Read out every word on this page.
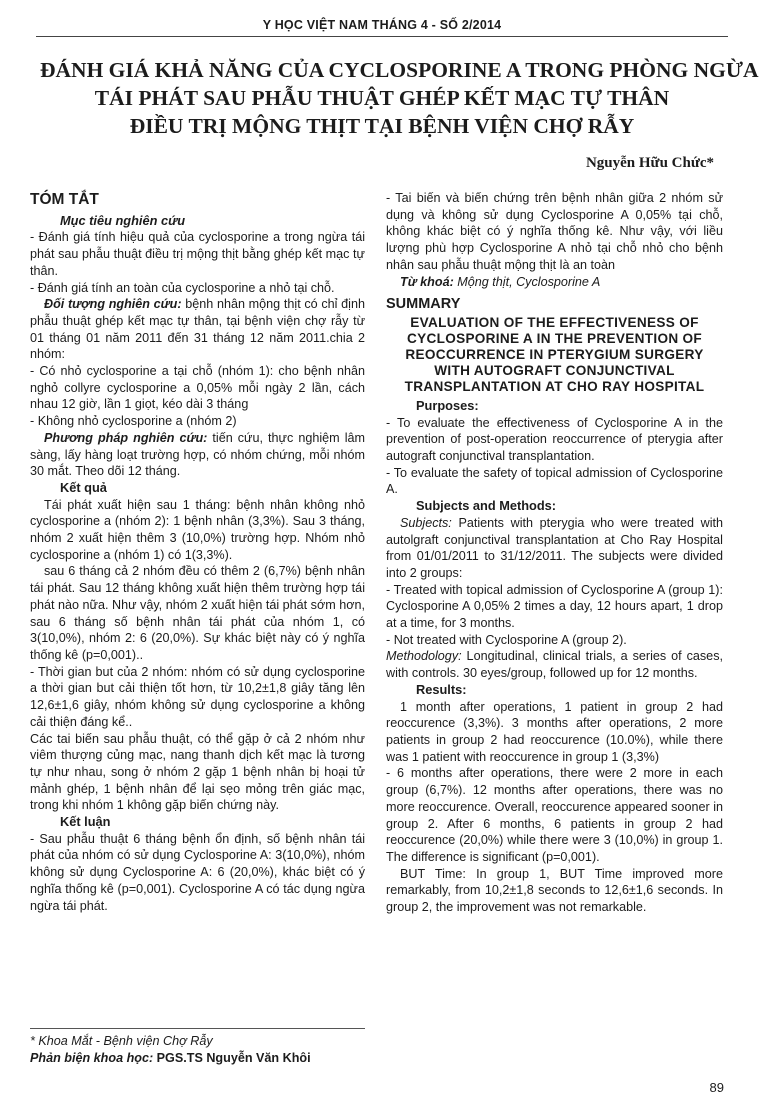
Y HỌC VIỆT NAM THÁNG 4 - SỐ 2/2014
ĐÁNH GIÁ KHẢ NĂNG CỦA CYCLOSPORINE A TRONG PHÒNG NGỪA
TÁI PHÁT SAU PHẪU THUẬT GHÉP KẾT MẠC TỰ THÂN
ĐIỀU TRỊ MỘNG THỊT TẠI BỆNH VIỆN CHỢ RẪY
Nguyễn Hữu Chức*
TÓM TẮT
Mục tiêu nghiên cứu

- Đánh giá tính hiệu quả của cyclosporine a trong ngừa tái phát sau phẫu thuật điều trị mộng thịt bằng ghép kết mạc tự thân.

- Đánh giá tính an toàn của cyclosporine a nhỏ tại chỗ.

Đối tượng nghiên cứu: bệnh nhân mộng thịt có chỉ định phẫu thuật ghép kết mạc tự thân, tại bệnh viện chợ rẫy từ 01 tháng 01 năm 2011 đến 31 tháng 12 năm 2011.chia 2 nhóm:

- Có nhỏ cyclosporine a tại chỗ (nhóm 1): cho bệnh nhân nghỏ collyre cyclosporine a 0,05% mỗi ngày 2 lần, cách nhau 12 giờ, lần 1 giọt, kéo dài 3 tháng

- Không nhỏ cyclosporine a (nhóm 2)

Phương pháp nghiên cứu: tiến cứu, thực nghiệm lâm sàng, lấy hàng loạt trường hợp, có nhóm chứng, mỗi nhóm 30 mắt. Theo dõi 12 tháng.

Kết quả

Tái phát xuất hiện sau 1 tháng: bệnh nhân không nhỏ cyclosporine a (nhóm 2): 1 bệnh nhân (3,3%). Sau 3 tháng, nhóm 2 xuất hiện thêm 3 (10,0%) trường hợp. Nhóm nhỏ cyclosporine a (nhóm 1) có 1(3,3%).

sau 6 tháng cả 2 nhóm đều có thêm 2 (6,7%) bệnh nhân tái phát. Sau 12 tháng không xuất hiện thêm trường hợp tái phát nào nữa. Như vậy, nhóm 2 xuất hiện tái phát sớm hơn, sau 6 tháng số bệnh nhân tái phát của nhóm 1, có 3(10,0%), nhóm 2: 6 (20,0%). Sự khác biệt này có ý nghĩa thống kê (p=0,001)..

- Thời gian but của 2 nhóm: nhóm có sử dụng cyclosporine a thời gian but cải thiện tốt hơn, từ 10,2±1,8 giây tăng lên 12,6±1,6 giây, nhóm không sử dụng cyclosporine a không cải thiện đáng kể..

Các tai biến sau phẫu thuật, có thể gặp ở cả 2 nhóm như viêm thượng củng mạc, nang thanh dịch kết mạc là tương tự như nhau, song ở nhóm 2 gặp 1 bệnh nhân bị hoại tử mảnh ghép, 1 bệnh nhân để lại sẹo mỏng trên giác mạc, trong khi nhóm 1 không gặp biến chứng này.

Kết luận

- Sau phẫu thuật 6 tháng bệnh ổn định, số bệnh nhân tái phát của nhóm có sử dụng Cyclosporine A: 3(10,0%), nhóm không sử dụng Cyclosporine A: 6 (20,0%), khác biệt có ý nghĩa thống kê (p=0,001). Cyclosporine A có tác dụng ngừa ngừa tái phát.

- Tai biến và biến chứng trên bệnh nhân giữa 2 nhóm sử dụng và không sử dụng Cyclosporine A 0,05% tại chỗ, không khác biệt có ý nghĩa thống kê. Như vậy, với liều lượng phù hợp Cyclosporine A nhỏ tại chỗ nhỏ cho bệnh nhân sau phẫu thuật mộng thịt là an toàn

Từ khoá: Mộng thịt, Cyclosporine A

SUMMARY
EVALUATION OF THE EFFECTIVENESS OF
CYCLOSPORINE A IN THE PREVENTION OF
REOCCURRENCE IN PTERYGIUM SURGERY
WITH AUTOGRAFT CONJUNCTIVAL
TRANSPLANTATION AT CHO RAY HOSPITAL
Purposes:

- To evaluate the effectiveness of Cyclosporine A in the prevention of post-operation reoccurrence of pterygia after autograft conjunctival transplantation.

- To evaluate the safety of topical admission of Cyclosporine A.

Subjects and Methods:

Subjects: Patients with pterygia who were treated with autolgraft conjunctival transplantation at Cho Ray Hospital from 01/01/2011 to 31/12/2011. The subjects were divided into 2 groups:

- Treated with topical admission of Cyclosporine A (group 1): Cyclosporine A 0,05% 2 times a day, 12 hours apart, 1 drop at a time, for 3 months.

- Not treated with Cyclosporine A (group 2).

Methodology: Longitudinal, clinical trials, a series of cases, with controls. 30 eyes/group, followed up for 12 months.

Results:

1 month after operations, 1 patient in group 2 had reoccurence (3,3%). 3 months after operations, 2 more patients in group 2 had reoccurence (10.0%), while there was 1 patient with reoccurence in group 1 (3,3%)

- 6 months after operations, there were 2 more in each group (6,7%). 12 months after operations, there was no more reoccurence. Overall, reoccurence appeared sooner in group 2. After 6 months, 6 patients in group 2 had reoccurence (20,0%) while there were 3 (10,0%) in group 1. The difference is significant (p=0,001).

BUT Time: In group 1, BUT Time improved more remarkably, from 10,2±1,8 seconds to 12,6±1,6 seconds. In group 2, the improvement was not remarkable.

* Khoa Mắt - Bệnh viện Chợ Rẫy
Phản biện khoa học: PGS.TS Nguyễn Văn Khôi
89
